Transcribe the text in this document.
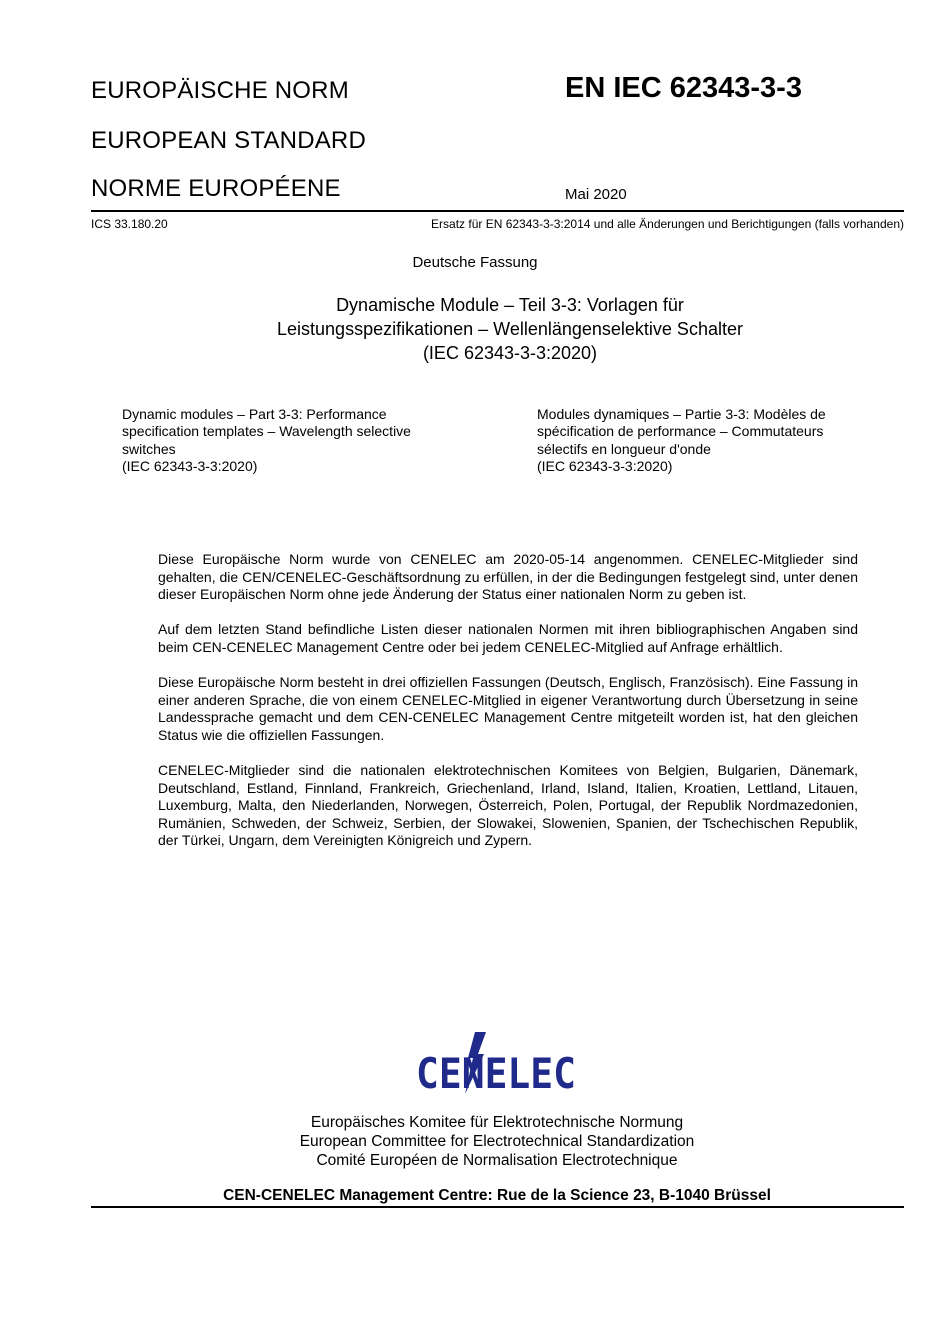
EUROPÄISCHE NORM
EUROPEAN STANDARD
NORME EUROPÉENE
EN IEC 62343-3-3
Mai 2020
ICS 33.180.20	Ersatz für EN 62343-3-3:2014 und alle Änderungen und Berichtigungen (falls vorhanden)
Deutsche Fassung
Dynamische Module – Teil 3-3: Vorlagen für
Leistungsspezifikationen – Wellenlängenselektive Schalter
(IEC 62343-3-3:2020)
Dynamic modules – Part 3-3: Performance
specification templates – Wavelength selective
switches
(IEC 62343-3-3:2020)
Modules dynamiques – Partie 3-3: Modèles de
spécification de performance – Commutateurs
sélectifs en longueur d'onde
(IEC 62343-3-3:2020)

Diese Europäische Norm wurde von CENELEC am 2020-05-14 angenommen. CENELEC-Mitglieder sind gehalten, die CEN/CENELEC-Geschäftsordnung zu erfüllen, in der die Bedingungen festgelegt sind, unter denen dieser Europäischen Norm ohne jede Änderung der Status einer nationalen Norm zu geben ist.

Auf dem letzten Stand befindliche Listen dieser nationalen Normen mit ihren bibliographischen Angaben sind beim CEN-CENELEC Management Centre oder bei jedem CENELEC-Mitglied auf Anfrage erhältlich.

Diese Europäische Norm besteht in drei offiziellen Fassungen (Deutsch, Englisch, Französisch). Eine Fassung in einer anderen Sprache, die von einem CENELEC-Mitglied in eigener Verantwortung durch Übersetzung in seine Landessprache gemacht und dem CEN-CENELEC Management Centre mitgeteilt worden ist, hat den gleichen Status wie die offiziellen Fassungen.

CENELEC-Mitglieder sind die nationalen elektrotechnischen Komitees von Belgien, Bulgarien, Dänemark, Deutschland, Estland, Finnland, Frankreich, Griechenland, Irland, Island, Italien, Kroatien, Lettland, Litauen, Luxemburg, Malta, den Niederlanden, Norwegen, Österreich, Polen, Portugal, der Republik Nordmazedonien, Rumänien, Schweden, der Schweiz, Serbien, der Slowakei, Slowenien, Spanien, der Tschechischen Republik, der Türkei, Ungarn, dem Vereinigten Königreich und Zypern.

CENELEC
Europäisches Komitee für Elektrotechnische Normung
European Committee for Electrotechnical Standardization
Comité Européen de Normalisation Electrotechnique
CEN-CENELEC Management Centre: Rue de la Science 23, B-1040 Brüssel
